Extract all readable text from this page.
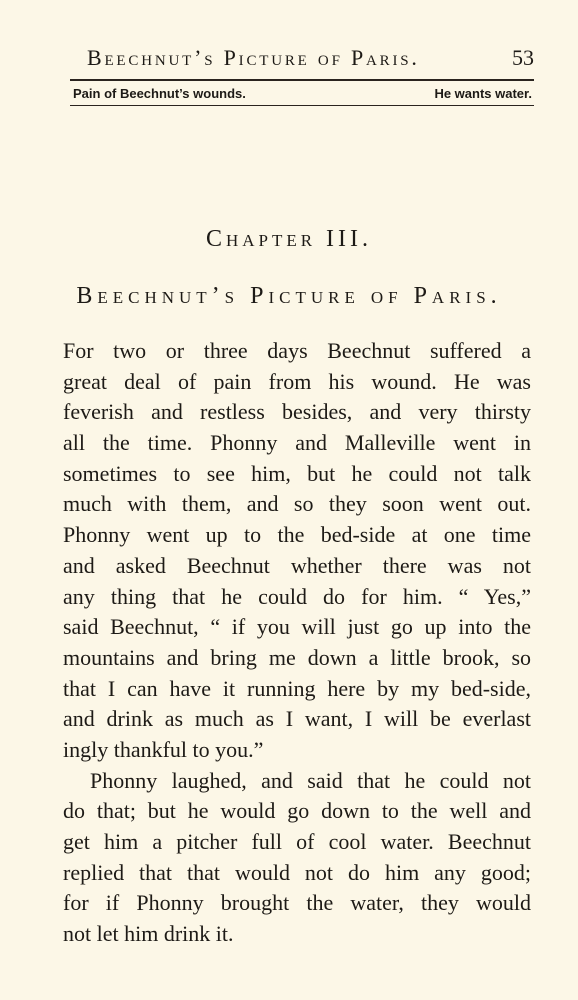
Beechnut’s Picture of Paris.	53
Pain of Beechnut’s wounds.	He wants water.
Chapter III.
Beechnut’s Picture of Paris.
For two or three days Beechnut suffered a
great deal of pain from his wound. He was
feverish and restless besides, and very thirsty
all the time. Phonny and Malleville went in
sometimes to see him, but he could not talk
much with them, and so they soon went out.
Phonny went up to the bed-side at one time
and asked Beechnut whether there was not
any thing that he could do for him. “ Yes,”
said Beechnut, “ if you will just go up into the
mountains and bring me down a little brook, so
that I can have it running here by my bed-side,
and drink as much as I want, I will be everlast
ingly thankful to you.”
Phonny laughed, and said that he could not
do that; but he would go down to the well and
get him a pitcher full of cool water. Beechnut
replied that that would not do him any good;
for if Phonny brought the water, they would
not let him drink it.
